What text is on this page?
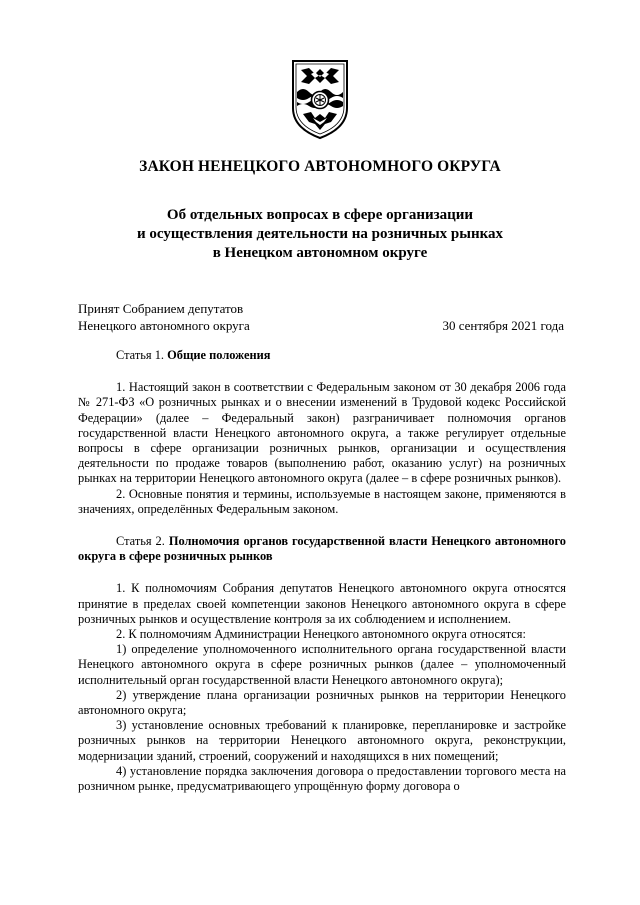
ЗАКОН НЕНЕЦКОГО АВТОНОМНОГО ОКРУГА
Об отдельных вопросах в сфере организации
и осуществления деятельности на розничных рынках
в Ненецком автономном округе
Принят Собранием депутатов
Ненецкого автономного округа	30 сентября 2021 года
Статья 1. Общие положения

1. Настоящий закон в соответствии с Федеральным законом от 30 декабря 2006 года № 271-ФЗ «О розничных рынках и о внесении изменений в Трудовой кодекс Российской Федерации» (далее – Федеральный закон) разграничивает полномочия органов государственной власти Ненецкого автономного округа, а также регулирует отдельные вопросы в сфере организации розничных рынков, организации и осуществления деятельности по продаже товаров (выполнению работ, оказанию услуг) на розничных рынках на территории Ненецкого автономного округа (далее – в сфере розничных рынков).

2. Основные понятия и термины, используемые в настоящем законе, применяются в значениях, определённых Федеральным законом.

Статья 2. Полномочия органов государственной власти Ненецкого автономного округа в сфере розничных рынков

1. К полномочиям Собрания депутатов Ненецкого автономного округа относятся принятие в пределах своей компетенции законов Ненецкого автономного округа в сфере розничных рынков и осуществление контроля за их соблюдением и исполнением.

2. К полномочиям Администрации Ненецкого автономного округа относятся:

1) определение уполномоченного исполнительного органа государственной власти Ненецкого автономного округа в сфере розничных рынков (далее – уполномоченный исполнительный орган государственной власти Ненецкого автономного округа);

2) утверждение плана организации розничных рынков на территории Ненецкого автономного округа;

3) установление основных требований к планировке, перепланировке и застройке розничных рынков на территории Ненецкого автономного округа, реконструкции, модернизации зданий, строений, сооружений и находящихся в них помещений;

4) установление порядка заключения договора о предоставлении торгового места на розничном рынке, предусматривающего упрощённую форму договора о
